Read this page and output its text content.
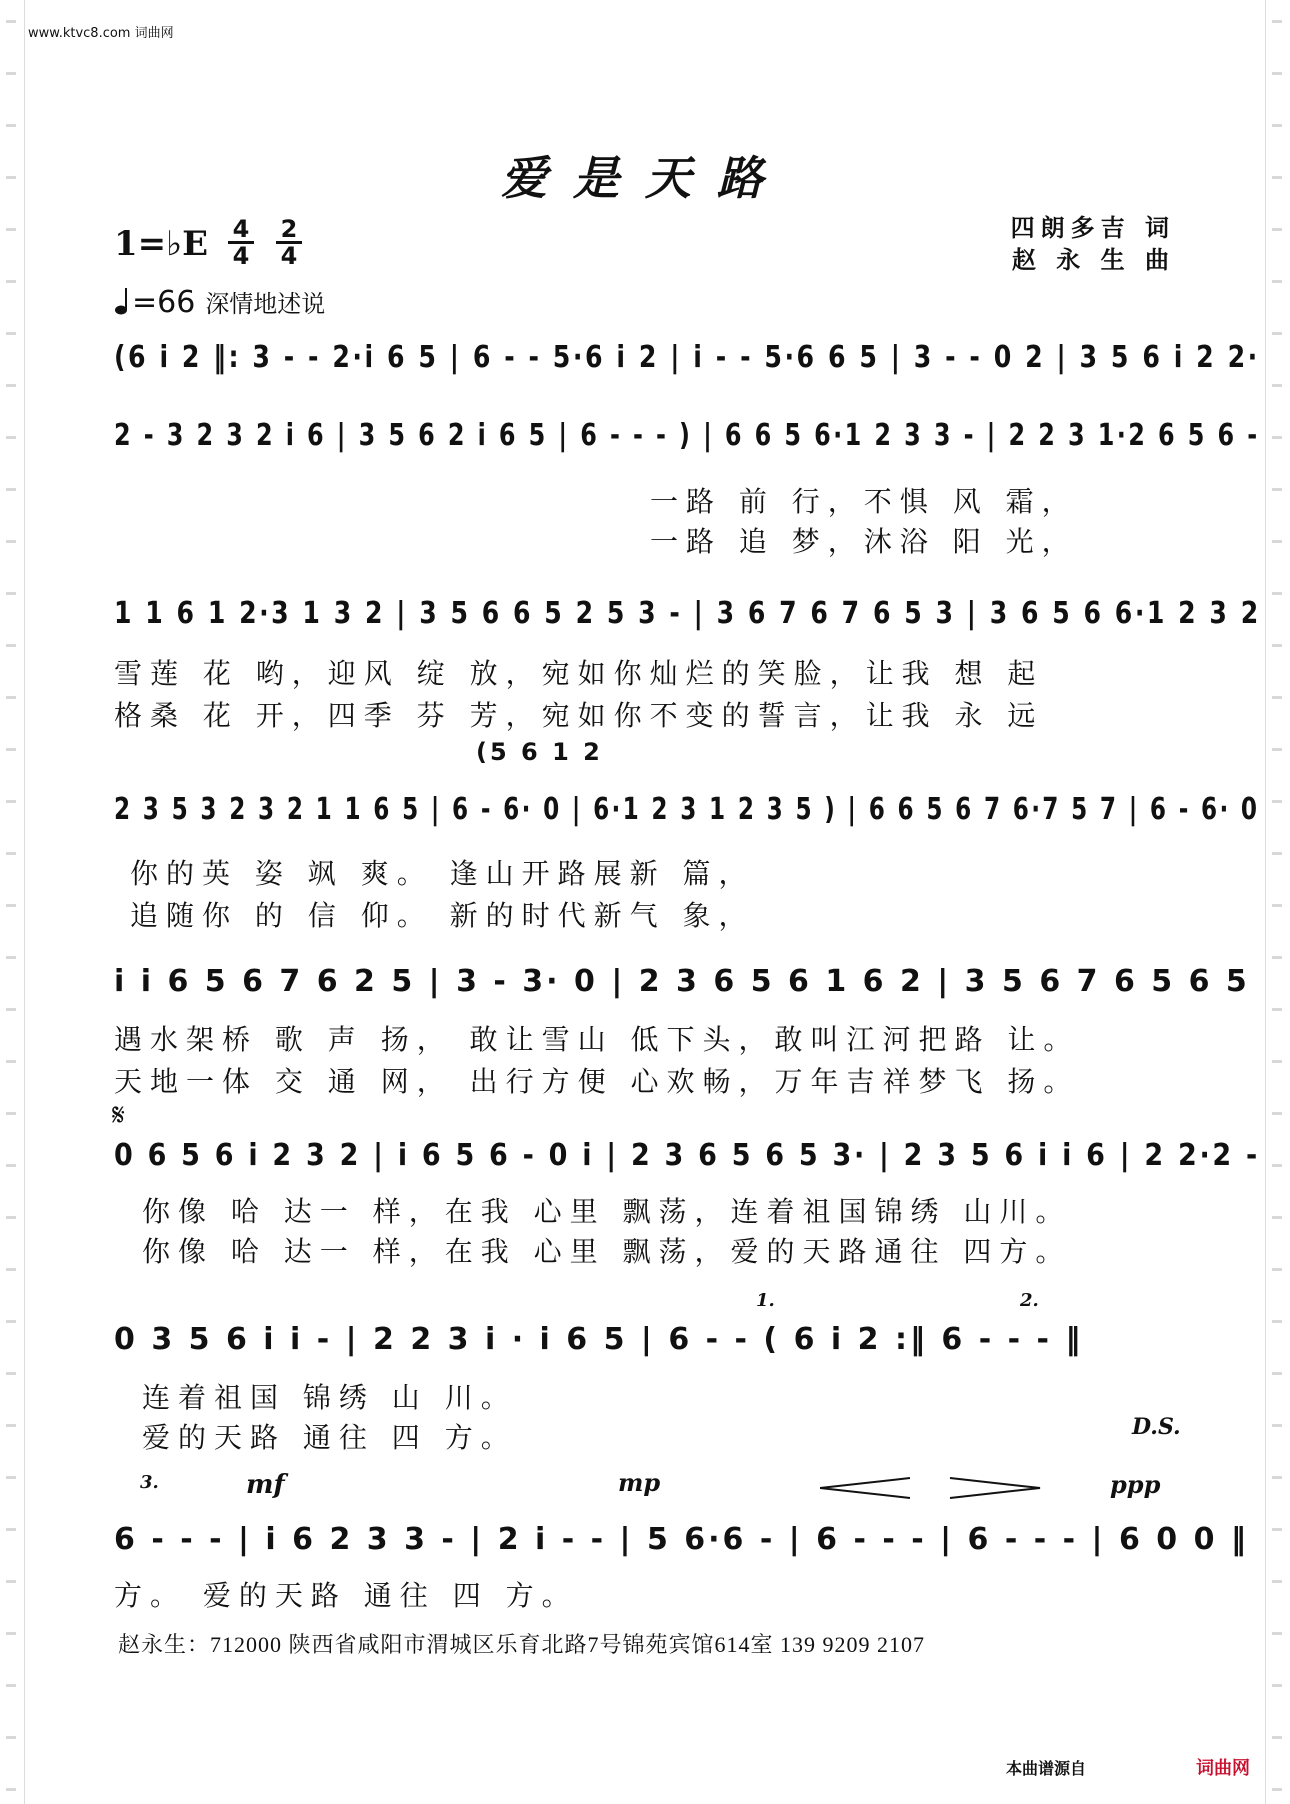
www.ktvc8.com 词曲网
爱是天路
四朗多吉 词
赵 永 生 曲
1=♭E 4
4
2
4
=66 深情地述说
(6 i 2 ‖: 3 - - 2·i 6 5 | 6 - - 5·6 i 2 | i - - 5·6 6 5 | 3 - - 0 2 | 3 5 6 i 2 2·
2 - 3 2 3 2 i 6 | 3 5 6 2 i 6 5 | 6 - - - ) | 6 6 5 6·1 2 3 3 - | 2 2 3 1·2 6 5 6 -
一路 前 行，不惧 风 霜，
一路 追 梦，沐浴 阳 光，
1 1 6 1 2·3 1 3 2 | 3 5 6 6 5 2 5 3 - | 3 6 7 6 7 6 5 3 | 3 6 5 6 6·1 2 3 2
雪莲 花 哟，迎风 绽 放，宛如你灿烂的笑脸，让我 想 起
格桑 花 开，四季 芬 芳，宛如你不变的誓言，让我 永 远
(5 6 1 2
2 3 5 3 2 3 2 1 1 6 5 | 6 - 6· 0 | 6·1 2 3 1 2 3 5 ) | 6 6 5 6 7 6·7 5 7 | 6 - 6· 0
你的英 姿 飒 爽。 逢山开路展新 篇，
追随你 的 信 仰。 新的时代新气 象，
i i 6 5 6 7 6 2 5 | 3 - 3· 0 | 2 3 6 5 6 1 6 2 | 3 5 6 7 6 5 6 5
遇水架桥 歌 声 扬， 敢让雪山 低下头，敢叫江河把路 让。
天地一体 交 通 网， 出行方便 心欢畅，万年吉祥梦飞 扬。
𝄋
0 6 5 6 i 2 3 2 | i 6 5 6 - 0 i | 2 3 6 5 6 5 3· | 2 3 5 6 i i 6 | 2 2·2 -
你像 哈 达一 样，在我 心里 飘荡，连着祖国锦绣 山川。
你像 哈 达一 样，在我 心里 飘荡，爱的天路通往 四方。
1.	2.
0 3 5 6 i i - | 2 2 3 i · i 6 5 | 6 - - ( 6 i 2 :‖ 6 - - - ‖
连着祖国 锦绣 山 川。
爱的天路 通往 四 方。	D.S.
3.	mf	mp	ppp
6 - - - | i 6 2 3 3 - | 2 i - - | 5 6·6 - | 6 - - - | 6 - - - | 6 0 0 ‖
方。 爱的天路 通往 四 方。
赵永生：712000 陕西省咸阳市渭城区乐育北路7号锦苑宾馆614室 139 9209 2107
本曲谱源自	词曲网
